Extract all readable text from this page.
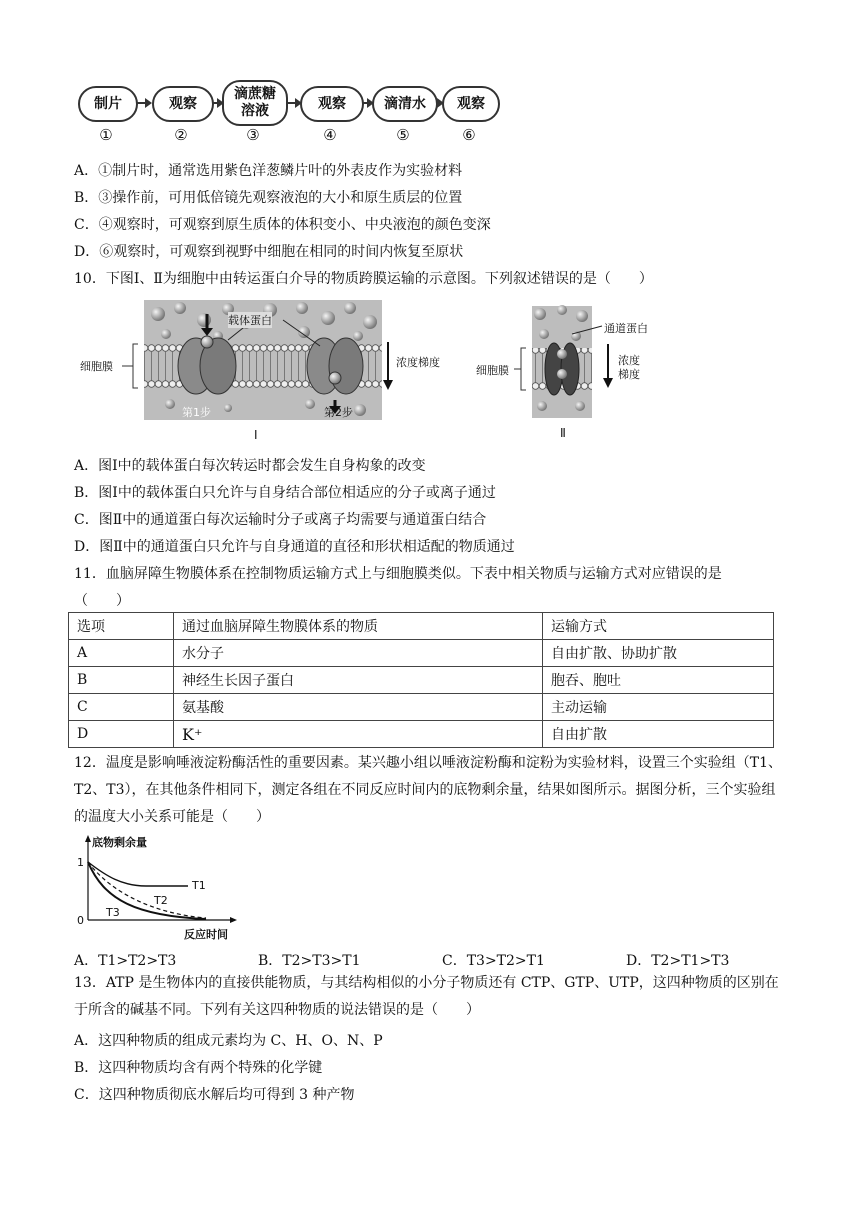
制片	观察
滴蔗糖
溶液	观察	滴清水 观察
①	②	③	④	⑤	⑥
A．①制片时，通常选用紫色洋葱鳞片叶的外表皮作为实验材料
B．③操作前，可用低倍镜先观察液泡的大小和原生质层的位置
C．④观察时，可观察到原生质体的体积变小、中央液泡的颜色变深
D．⑥观察时，可观察到视野中细胞在相同的时间内恢复至原状
10．下图Ⅰ、Ⅱ为细胞中由转运蛋白介导的物质跨膜运输的示意图。下列叙述错误的是（　　）
载体蛋白
细胞膜	浓度梯度
第1步	第2步
Ⅰ
通道蛋白
细胞膜
浓度
梯度
Ⅱ
A．图Ⅰ中的载体蛋白每次转运时都会发生自身构象的改变
B．图Ⅰ中的载体蛋白只允许与自身结合部位相适应的分子或离子通过
C．图Ⅱ中的通道蛋白每次运输时分子或离子均需要与通道蛋白结合
D．图Ⅱ中的通道蛋白只允许与自身通道的直径和形状相适配的物质通过
11．血脑屏障生物膜体系在控制物质运输方式上与细胞膜类似。下表中相关物质与运输方式对应错误的是
（　　）
选项	通过血脑屏障生物膜体系的物质	运输方式
A	水分子	自由扩散、协助扩散
B	神经生长因子蛋白	胞吞、胞吐
C	氨基酸	主动运输
D	K⁺	自由扩散
12．温度是影响唾液淀粉酶活性的重要因素。某兴趣小组以唾液淀粉酶和淀粉为实验材料，设置三个实验组（T1、T2、T3），在其他条件相同下，测定各组在不同反应时间内的底物剩余量，结果如图所示。据图分析，三个实验组的温度大小关系可能是（　　）
底物剩余量
1
0
T1
T2
T3
反应时间
A．T1>T2>T3	B．T2>T3>T1	C．T3>T2>T1	D．T2>T1>T3
13．ATP 是生物体内的直接供能物质，与其结构相似的小分子物质还有 CTP、GTP、UTP，这四种物质的区别在于所含的碱基不同。下列有关这四种物质的说法错误的是（　　）
A．这四种物质的组成元素均为 C、H、O、N、P
B．这四种物质均含有两个特殊的化学键
C．这四种物质彻底水解后均可得到 3 种产物
